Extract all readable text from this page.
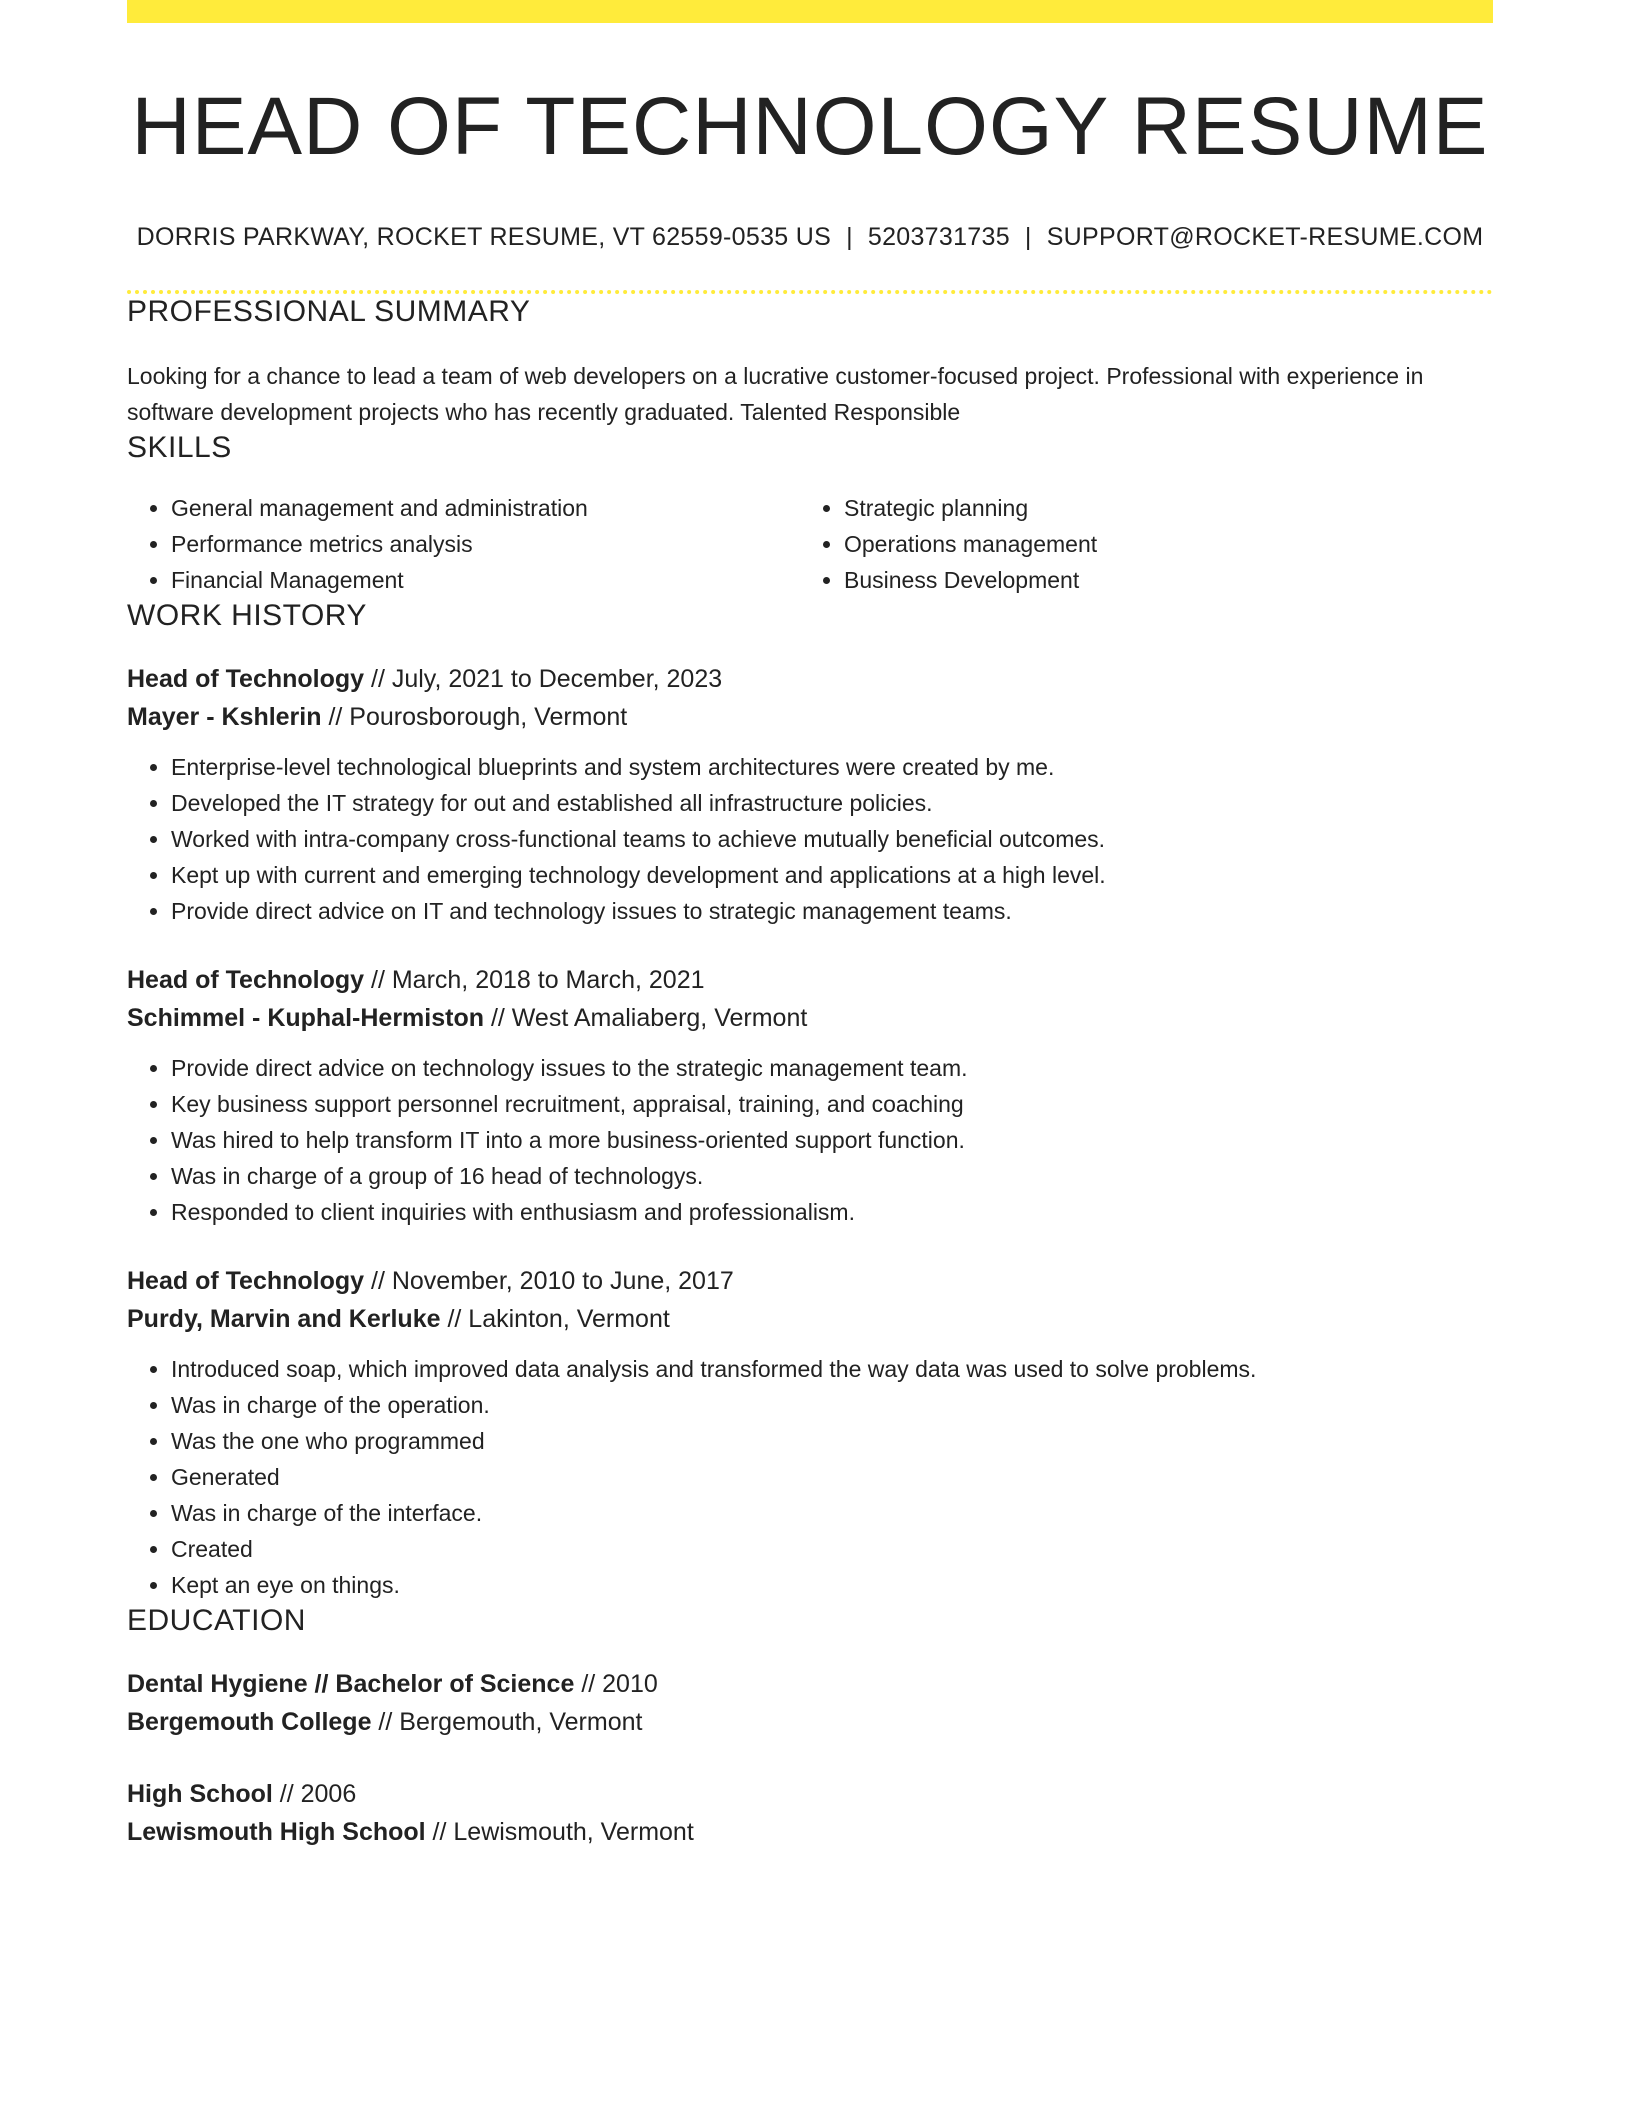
HEAD OF TECHNOLOGY RESUME
DORRIS PARKWAY, ROCKET RESUME, VT 62559-0535 US | 5203731735 | SUPPORT@ROCKET-RESUME.COM
PROFESSIONAL SUMMARY

Looking for a chance to lead a team of web developers on a lucrative customer-focused project. Professional with experience in software development projects who has recently graduated. Talented Responsible

SKILLS
• General management and administration
• Performance metrics analysis
• Financial Management
• Strategic planning
• Operations management
• Business Development
WORK HISTORY
Head of Technology // July, 2021 to December, 2023
Mayer - Kshlerin // Pourosborough, Vermont
• Enterprise-level technological blueprints and system architectures were created by me.
• Developed the IT strategy for out and established all infrastructure policies.
• Worked with intra-company cross-functional teams to achieve mutually beneficial outcomes.
• Kept up with current and emerging technology development and applications at a high level.
• Provide direct advice on IT and technology issues to strategic management teams.
Head of Technology // March, 2018 to March, 2021
Schimmel - Kuphal-Hermiston // West Amaliaberg, Vermont
• Provide direct advice on technology issues to the strategic management team.
• Key business support personnel recruitment, appraisal, training, and coaching
• Was hired to help transform IT into a more business-oriented support function.
• Was in charge of a group of 16 head of technologys.
• Responded to client inquiries with enthusiasm and professionalism.
Head of Technology // November, 2010 to June, 2017
Purdy, Marvin and Kerluke // Lakinton, Vermont
• Introduced soap, which improved data analysis and transformed the way data was used to solve problems.
• Was in charge of the operation.
• Was the one who programmed
• Generated
• Was in charge of the interface.
• Created
• Kept an eye on things.
EDUCATION
Dental Hygiene // Bachelor of Science // 2010
Bergemouth College // Bergemouth, Vermont
High School // 2006
Lewismouth High School // Lewismouth, Vermont
